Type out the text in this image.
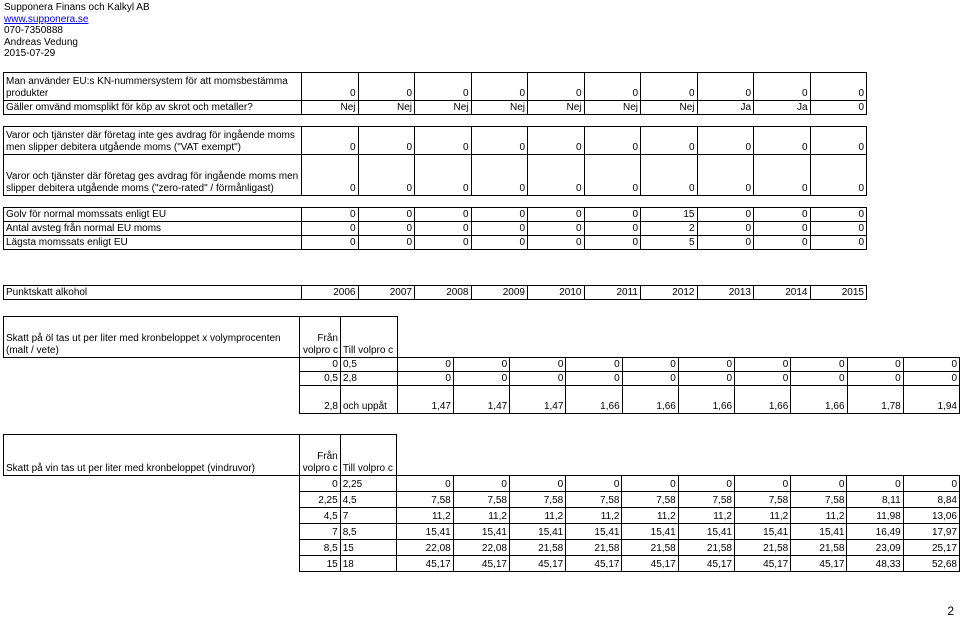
Supponera Finans och Kalkyl AB
www.supponera.se
070-7350888
Andreas Vedung
2015-07-29
Man använder EU:s KN-nummersystem för att momsbestämma produkter	0	0	0	0	0	0	0	0	0	0
Gäller omvänd momsplikt för köp av skrot och metaller?	Nej	Nej	Nej	Nej	Nej	Nej	Nej	Ja	Ja	0

Varor och tjänster där företag inte ges avdrag för ingående moms men slipper debitera utgående moms ("VAT exempt")	0	0	0	0	0	0	0	0	0	0
Varor och tjänster där företag ges avdrag för ingående moms men slipper debitera utgående moms ("zero-rated" / förmånligast)	0	0	0	0	0	0	0	0	0	0

Golv för normal momssats enligt EU	0	0	0	0	0	0	15	0	0	0
Antal avsteg från normal EU moms	0	0	0	0	0	0	2	0	0	0
Lägsta momssats enligt EU	0	0	0	0	0	0	5	0	0	0
Punktskatt alkohol	2006	2007	2008	2009	2010	2011	2012	2013	2014	2015
Skatt på öl tas ut per liter med kronbeloppet x volymprocenten (malt / vete)	Från volpro c	Till volpro c										
	0	0,5	0	0	0	0	0	0	0	0	0	0
	0,5	2,8	0	0	0	0	0	0	0	0	0	0
	2,8	och uppåt	1,47	1,47	1,47	1,66	1,66	1,66	1,66	1,66	1,78	1,94
Skatt på vin tas ut per liter med kronbeloppet (vindruvor)	Från volpro c	Till volpro c										
	0	2,25	0	0	0	0	0	0	0	0	0	0
	2,25	4,5	7,58	7,58	7,58	7,58	7,58	7,58	7,58	7,58	8,11	8,84
	4,5	7	11,2	11,2	11,2	11,2	11,2	11,2	11,2	11,2	11,98	13,06
	7	8,5	15,41	15,41	15,41	15,41	15,41	15,41	15,41	15,41	16,49	17,97
	8,5	15	22,08	22,08	21,58	21,58	21,58	21,58	21,58	21,58	23,09	25,17
	15	18	45,17	45,17	45,17	45,17	45,17	45,17	45,17	45,17	48,33	52,68
2
